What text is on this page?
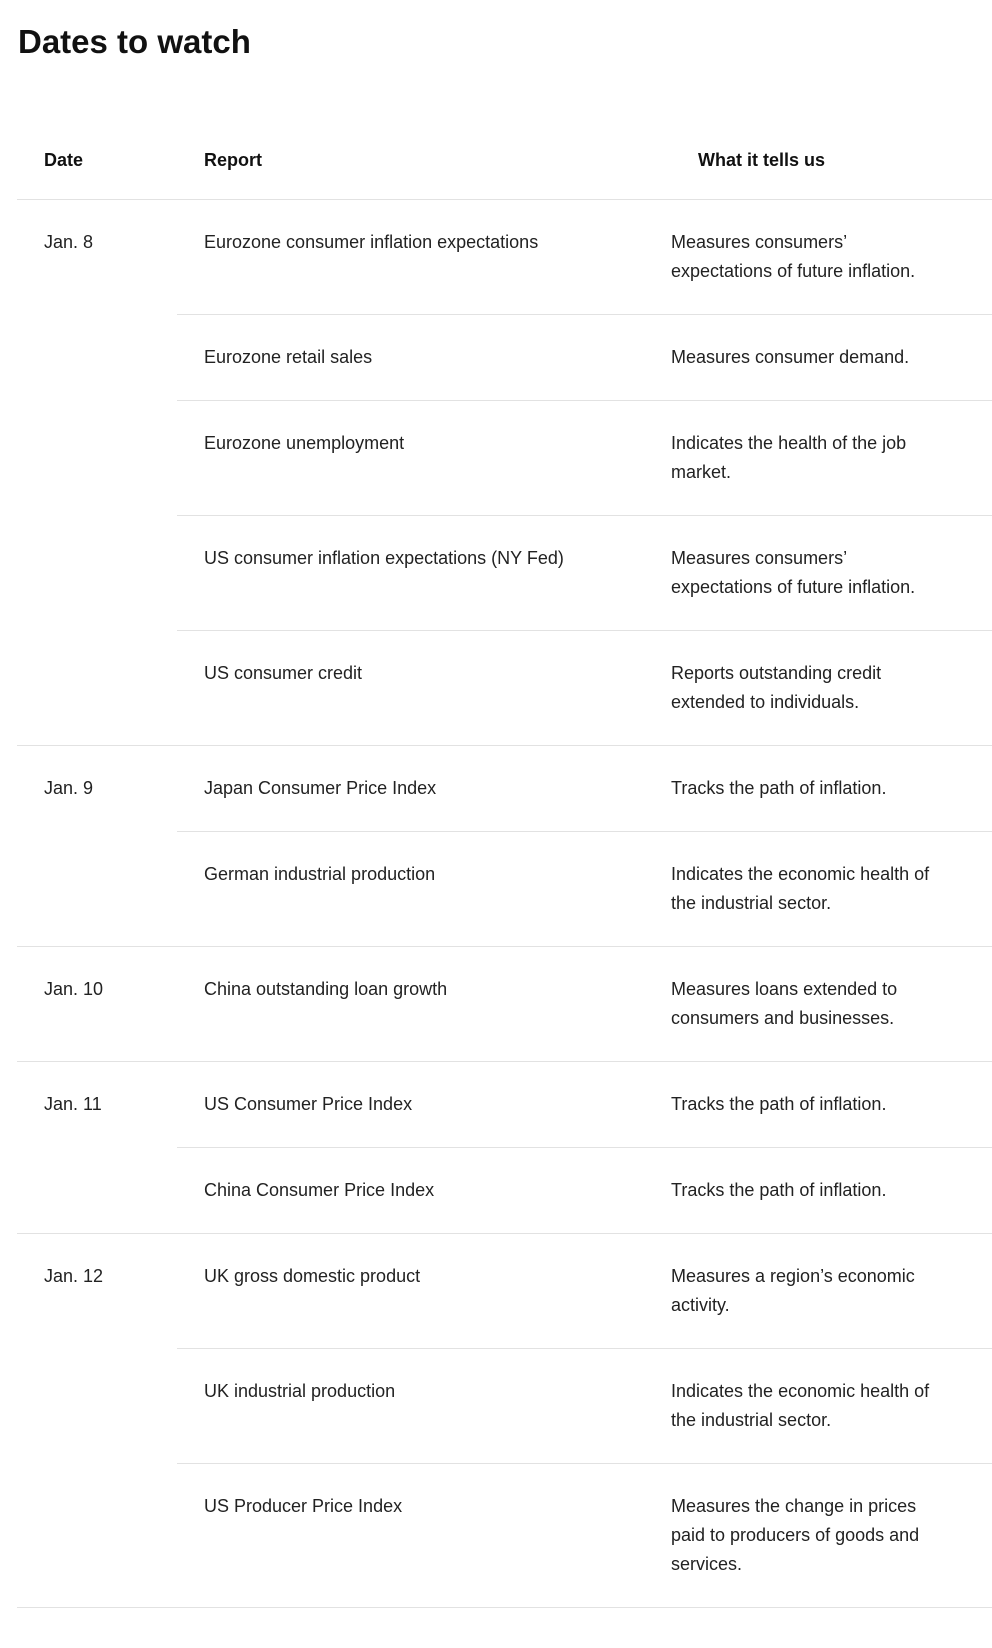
Dates to watch
Date	Report	What it tells us
Jan. 8	Eurozone consumer inflation expectations	Measures consumers’ expectations of future inflation.
Eurozone retail sales	Measures consumer demand.
Eurozone unemployment	Indicates the health of the job market.
US consumer inflation expectations (NY Fed)	Measures consumers’ expectations of future inflation.
US consumer credit	Reports outstanding credit extended to individuals.
Jan. 9	Japan Consumer Price Index	Tracks the path of inflation.
German industrial production	Indicates the economic health of the industrial sector.
Jan. 10	China outstanding loan growth	Measures loans extended to consumers and businesses.
Jan. 11	US Consumer Price Index	Tracks the path of inflation.
China Consumer Price Index	Tracks the path of inflation.
Jan. 12	UK gross domestic product	Measures a region’s economic activity.
UK industrial production	Indicates the economic health of the industrial sector.
US Producer Price Index	Measures the change in prices paid to producers of goods and services.
